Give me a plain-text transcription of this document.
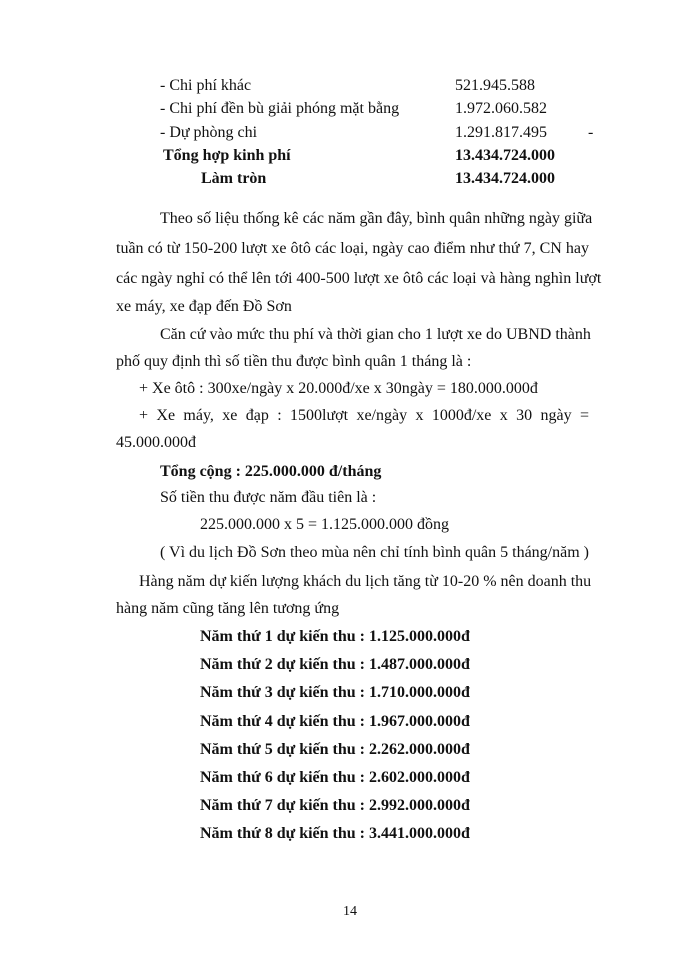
- Chi phí khác	521.945.588
- Chi phí đền bù giải phóng mặt bằng	1.972.060.582
- Dự phòng chi	1.291.817.495	-
Tổng hợp kinh phí	13.434.724.000
Làm tròn	13.434.724.000
Theo số liệu thống kê các năm gần đây, bình quân những ngày giữa
tuần có từ 150-200 lượt xe ôtô các loại, ngày cao điểm như thứ 7, CN hay
các ngày nghỉ có thể lên tới 400-500 lượt xe ôtô các loại và hàng nghìn lượt
xe máy, xe đạp đến Đồ Sơn
Căn cứ vào mức thu phí và thời gian cho 1 lượt xe do UBND thành
phố quy định thì số tiền thu được bình quân 1 tháng là :
+ Xe ôtô : 300xe/ngày x 20.000đ/xe x 30ngày = 180.000.000đ
+ Xe máy, xe đạp : 1500lượt xe/ngày x 1000đ/xe x 30 ngày =
45.000.000đ
Tổng cộng : 225.000.000 đ/tháng
Số tiền thu được năm đầu tiên là :
225.000.000 x 5 = 1.125.000.000 đồng
( Vì du lịch Đồ Sơn theo mùa nên chỉ tính bình quân 5 tháng/năm )
Hàng năm dự kiến lượng khách du lịch tăng từ 10-20 % nên doanh thu
hàng năm cũng tăng lên tương ứng
Năm thứ 1 dự kiến thu : 1.125.000.000đ
Năm thứ 2 dự kiến thu : 1.487.000.000đ
Năm thứ 3 dự kiến thu : 1.710.000.000đ
Năm thứ 4 dự kiến thu : 1.967.000.000đ
Năm thứ 5 dự kiến thu : 2.262.000.000đ
Năm thứ 6 dự kiến thu : 2.602.000.000đ
Năm thứ 7 dự kiến thu : 2.992.000.000đ
Năm thứ 8 dự kiến thu : 3.441.000.000đ
14
